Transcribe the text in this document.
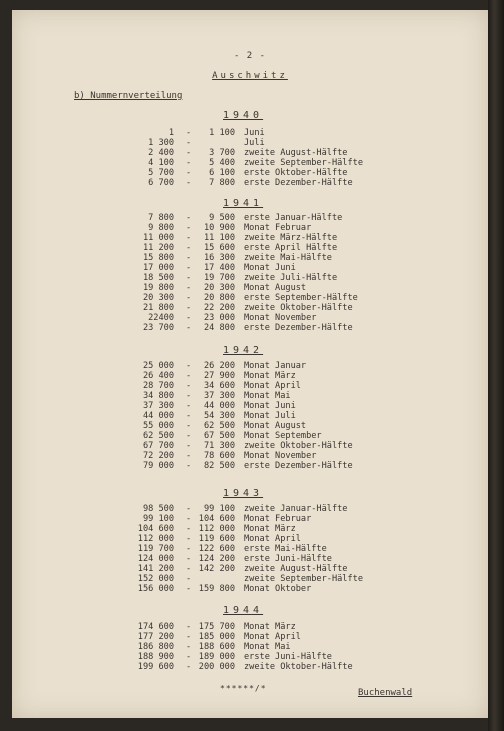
- 2 -
Auschwitz
b) Nummernverteilung
1940
1 - 1 100 Juni
1 300 -	Juli
2 400 - 3 700 zweite August-Hälfte
4 100 - 5 400 zweite September-Hälfte
5 700 - 6 100 erste Oktober-Hälfte
6 700 - 7 800 erste Dezember-Hälfte
1941
7 800 - 9 500 erste Januar-Hälfte
9 800 - 10 900 Monat Februar
11 000 - 11 100 zweite März-Hälfte
11 200 - 15 600 erste April Hälfte
15 800 - 16 300 zweite Mai-Hälfte
17 000 - 17 400 Monat Juni
18 500 - 19 700 zweite Juli-Hälfte
19 800 - 20 300 Monat August
20 300 - 20 800 erste September-Hälfte
21 800 - 22 200 zweite Oktober-Hälfte
22400 - 23 000 Monat November
23 700 - 24 800 erste Dezember-Hälfte
1942
25 000 - 26 200 Monat Januar
26 400 - 27 900 Monat März
28 700 - 34 600 Monat April
34 800 - 37 300 Monat Mai
37 300 - 44 000 Monat Juni
44 000 - 54 300 Monat Juli
55 000 - 62 500 Monat August
62 500 - 67 500 Monat September
67 700 - 71 300 zweite Oktober-Hälfte
72 200 - 78 600 Monat November
79 000 - 82 500 erste Dezember-Hälfte
1943
98 500 - 99 100 zweite Januar-Hälfte
99 100 - 104 600 Monat Februar
104 600 - 112 000 Monat März
112 000 - 119 600 Monat April
119 700 - 122 600 erste Mai-Hälfte
124 000 - 124 200 erste Juni-Hälfte
141 200 - 142 200 zweite August-Hälfte
152 000 -	zweite September-Hälfte
156 000 - 159 800 Monat Oktober
1944
174 600 - 175 700 Monat März
177 200 - 185 000 Monat April
186 800 - 188 600 Monat Mai
188 900 - 189 000 erste Juni-Hälfte
199 600 - 200 000 zweite Oktober-Hälfte
******/*	Buchenwald
